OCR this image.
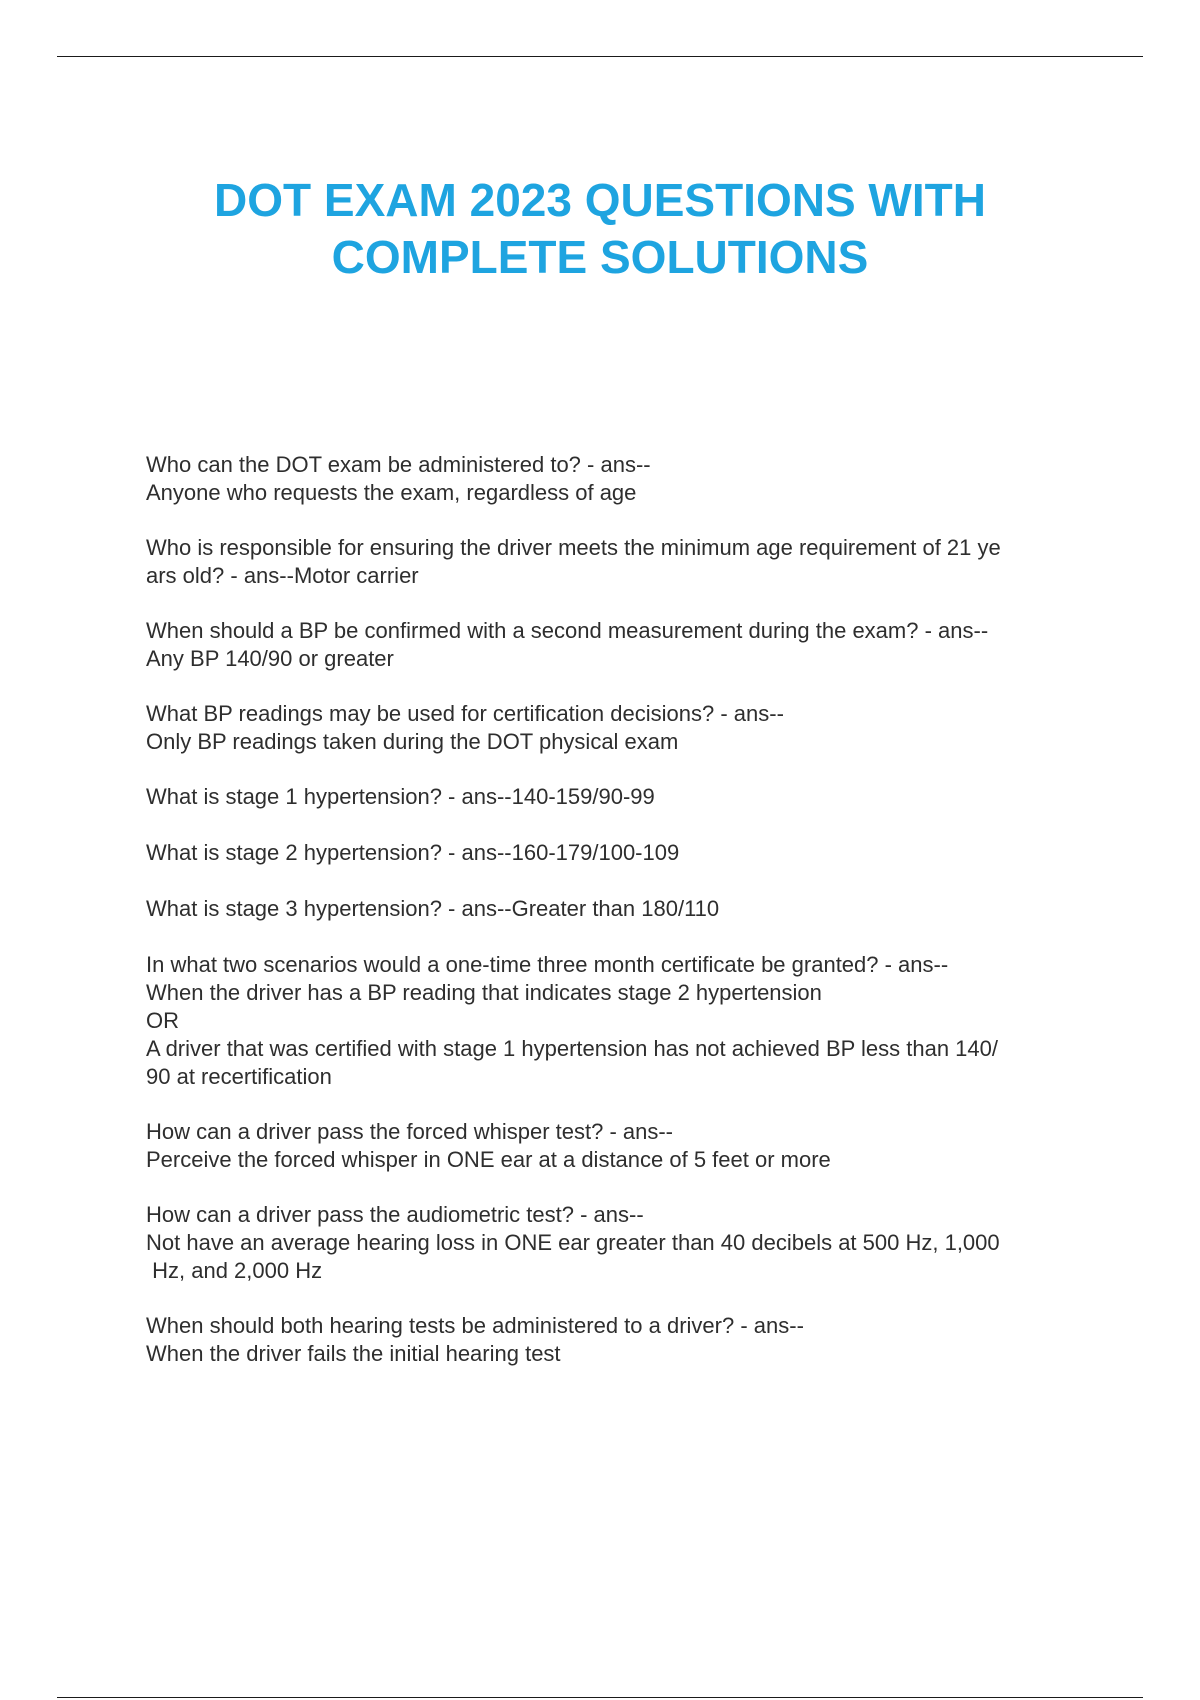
DOT EXAM 2023 QUESTIONS WITH
COMPLETE SOLUTIONS
Who can the DOT exam be administered to? - ans--
Anyone who requests the exam, regardless of age
Who is responsible for ensuring the driver meets the minimum age requirement of 21 ye
ars old? - ans--Motor carrier
When should a BP be confirmed with a second measurement during the exam? - ans--
Any BP 140/90 or greater
What BP readings may be used for certification decisions? - ans--
Only BP readings taken during the DOT physical exam
What is stage 1 hypertension? - ans--140-159/90-99
What is stage 2 hypertension? - ans--160-179/100-109
What is stage 3 hypertension? - ans--Greater than 180/110
In what two scenarios would a one-time three month certificate be granted? - ans--
When the driver has a BP reading that indicates stage 2 hypertension
OR
A driver that was certified with stage 1 hypertension has not achieved BP less than 140/
90 at recertification
How can a driver pass the forced whisper test? - ans--
Perceive the forced whisper in ONE ear at a distance of 5 feet or more
How can a driver pass the audiometric test? - ans--
Not have an average hearing loss in ONE ear greater than 40 decibels at 500 Hz, 1,000
Hz, and 2,000 Hz
When should both hearing tests be administered to a driver? - ans--
When the driver fails the initial hearing test
